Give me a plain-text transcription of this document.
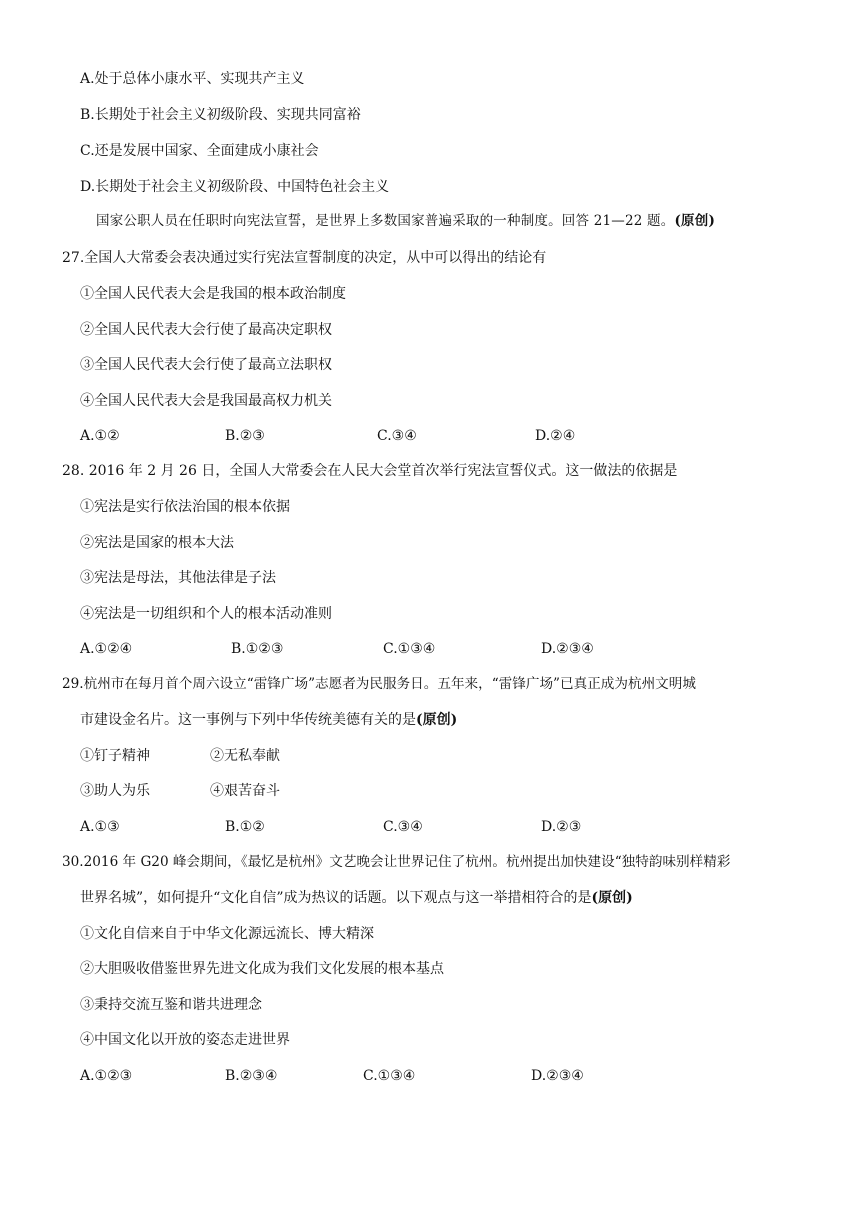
A.处于总体小康水平、实现共产主义
B.长期处于社会主义初级阶段、实现共同富裕
C.还是发展中国家、全面建成小康社会
D.长期处于社会主义初级阶段、中国特色社会主义
国家公职人员在任职时向宪法宣誓，是世界上多数国家普遍采取的一种制度。回答 21—22 题。(原创)
27.全国人大常委会表决通过实行宪法宣誓制度的决定，从中可以得出的结论有
①全国人民代表大会是我国的根本政治制度
②全国人民代表大会行使了最高决定职权
③全国人民代表大会行使了最高立法职权
④全国人民代表大会是我国最高权力机关
A.①②	B.②③	C.③④	D.②④
28. 2016 年 2 月 26 日，全国人大常委会在人民大会堂首次举行宪法宣誓仪式。这一做法的依据是
①宪法是实行依法治国的根本依据
②宪法是国家的根本大法
③宪法是母法，其他法律是子法
④宪法是一切组织和个人的根本活动准则
A.①②④	B.①②③	C.①③④	D.②③④
29.杭州市在每月首个周六设立“雷锋广场”志愿者为民服务日。五年来，“雷锋广场”已真正成为杭州文明城
市建设金名片。这一事例与下列中华传统美德有关的是(原创)
①钉子精神	②无私奉献
③助人为乐	④艰苦奋斗
A.①③	B.①②	C.③④	D.②③
30.2016 年 G20 峰会期间，《最忆是杭州》文艺晚会让世界记住了杭州。杭州提出加快建设“独特韵味别样精彩
世界名城”，如何提升“文化自信”成为热议的话题。以下观点与这一举措相符合的是(原创)
①文化自信来自于中华文化源远流长、博大精深
②大胆吸收借鉴世界先进文化成为我们文化发展的根本基点
③秉持交流互鉴和谐共进理念
④中国文化以开放的姿态走进世界
A.①②③	B.②③④	C.①③④	D.②③④
